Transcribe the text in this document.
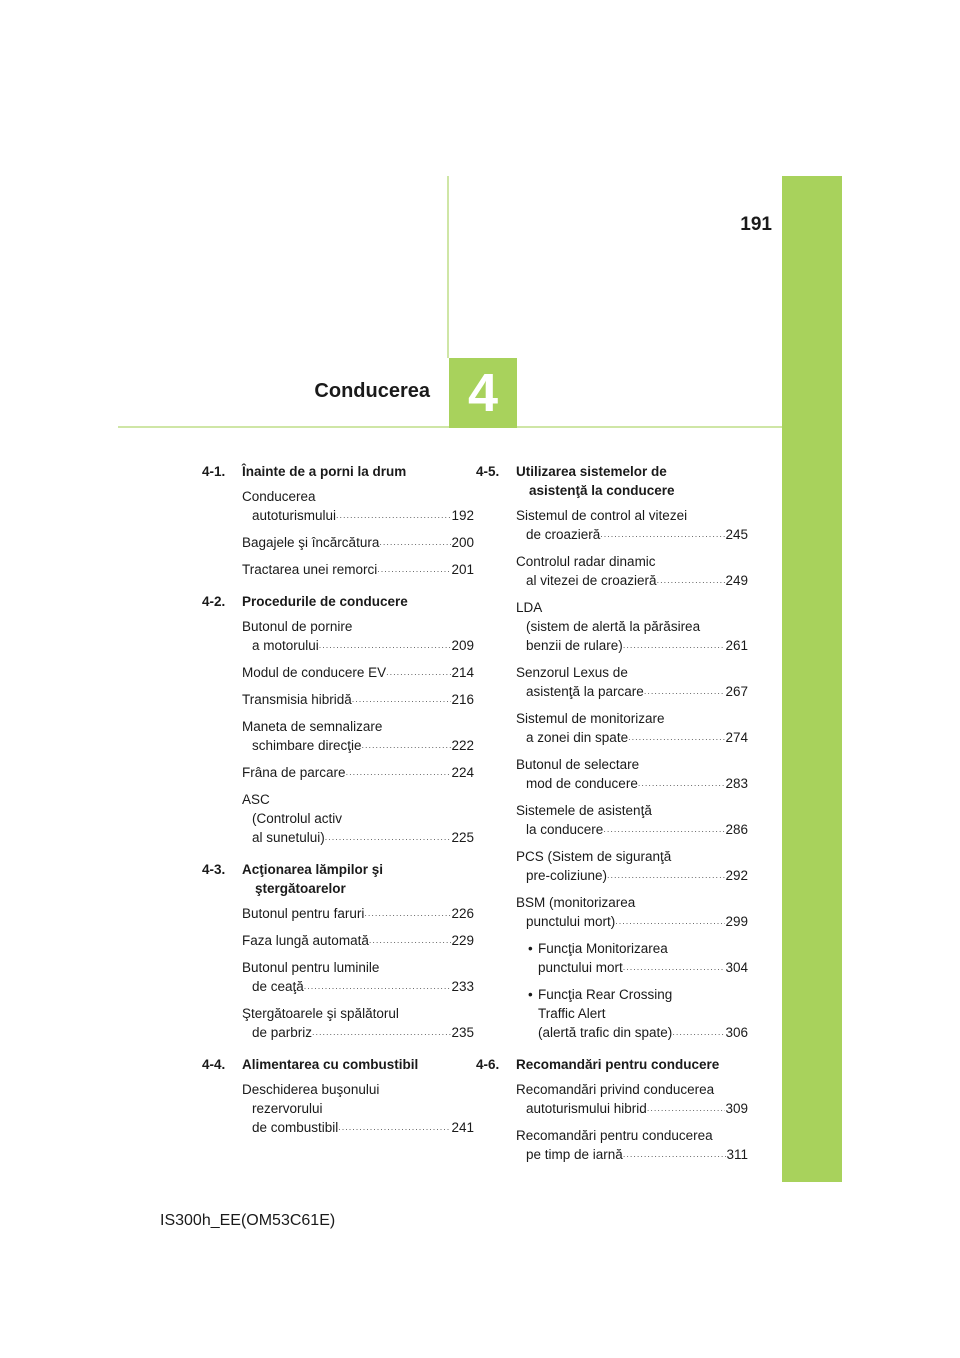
191
Conducerea 4
4-1.	Înainte de a porni la drum
Conducerea
autoturismului .....	192
Bagajele şi încărcătura .....	200
Tractarea unei remorci .....	201
4-2.	Procedurile de conducere
Butonul de pornire
a motorului .....	209
Modul de conducere EV .....	214
Transmisia hibridă .....	216
Maneta de semnalizare
schimbare direcţie .....	222
Frâna de parcare .....	224
ASC
(Controlul activ
al sunetului) .....	225
4-3.	Acţionarea lămpilor şi
ştergătoarelor
Butonul pentru faruri .....	226
Faza lungă automată .....	229
Butonul pentru luminile
de ceaţă .....	233
Ştergătoarele şi spălătorul
de parbriz .....	235
4-4.	Alimentarea cu combustibil
Deschiderea buşonului
rezervorului
de combustibil .....	241
4-5.	Utilizarea sistemelor de
asistenţă la conducere
Sistemul de control al vitezei
de croazieră .....	245
Controlul radar dinamic
al vitezei de croazieră .....	249
LDA
(sistem de alertă la părăsirea
benzii de rulare) .....	261
Senzorul Lexus de
asistenţă la parcare .....	267
Sistemul de monitorizare
a zonei din spate .....	274
Butonul de selectare
mod de conducere .....	283
Sistemele de asistenţă
la conducere .....	286
PCS (Sistem de siguranţă
pre-coliziune) .....	292
BSM (monitorizarea
punctului mort) .....	299
• Funcţia Monitorizarea
punctului mort .....	304
• Funcţia Rear Crossing
Traffic Alert
(alertă trafic din spate) .....	306
4-6.	Recomandări pentru conducere
Recomandări privind conducerea
autoturismului hibrid .....	309
Recomandări pentru conducerea
pe timp de iarnă .....	311
IS300h_EE(OM53C61E)
